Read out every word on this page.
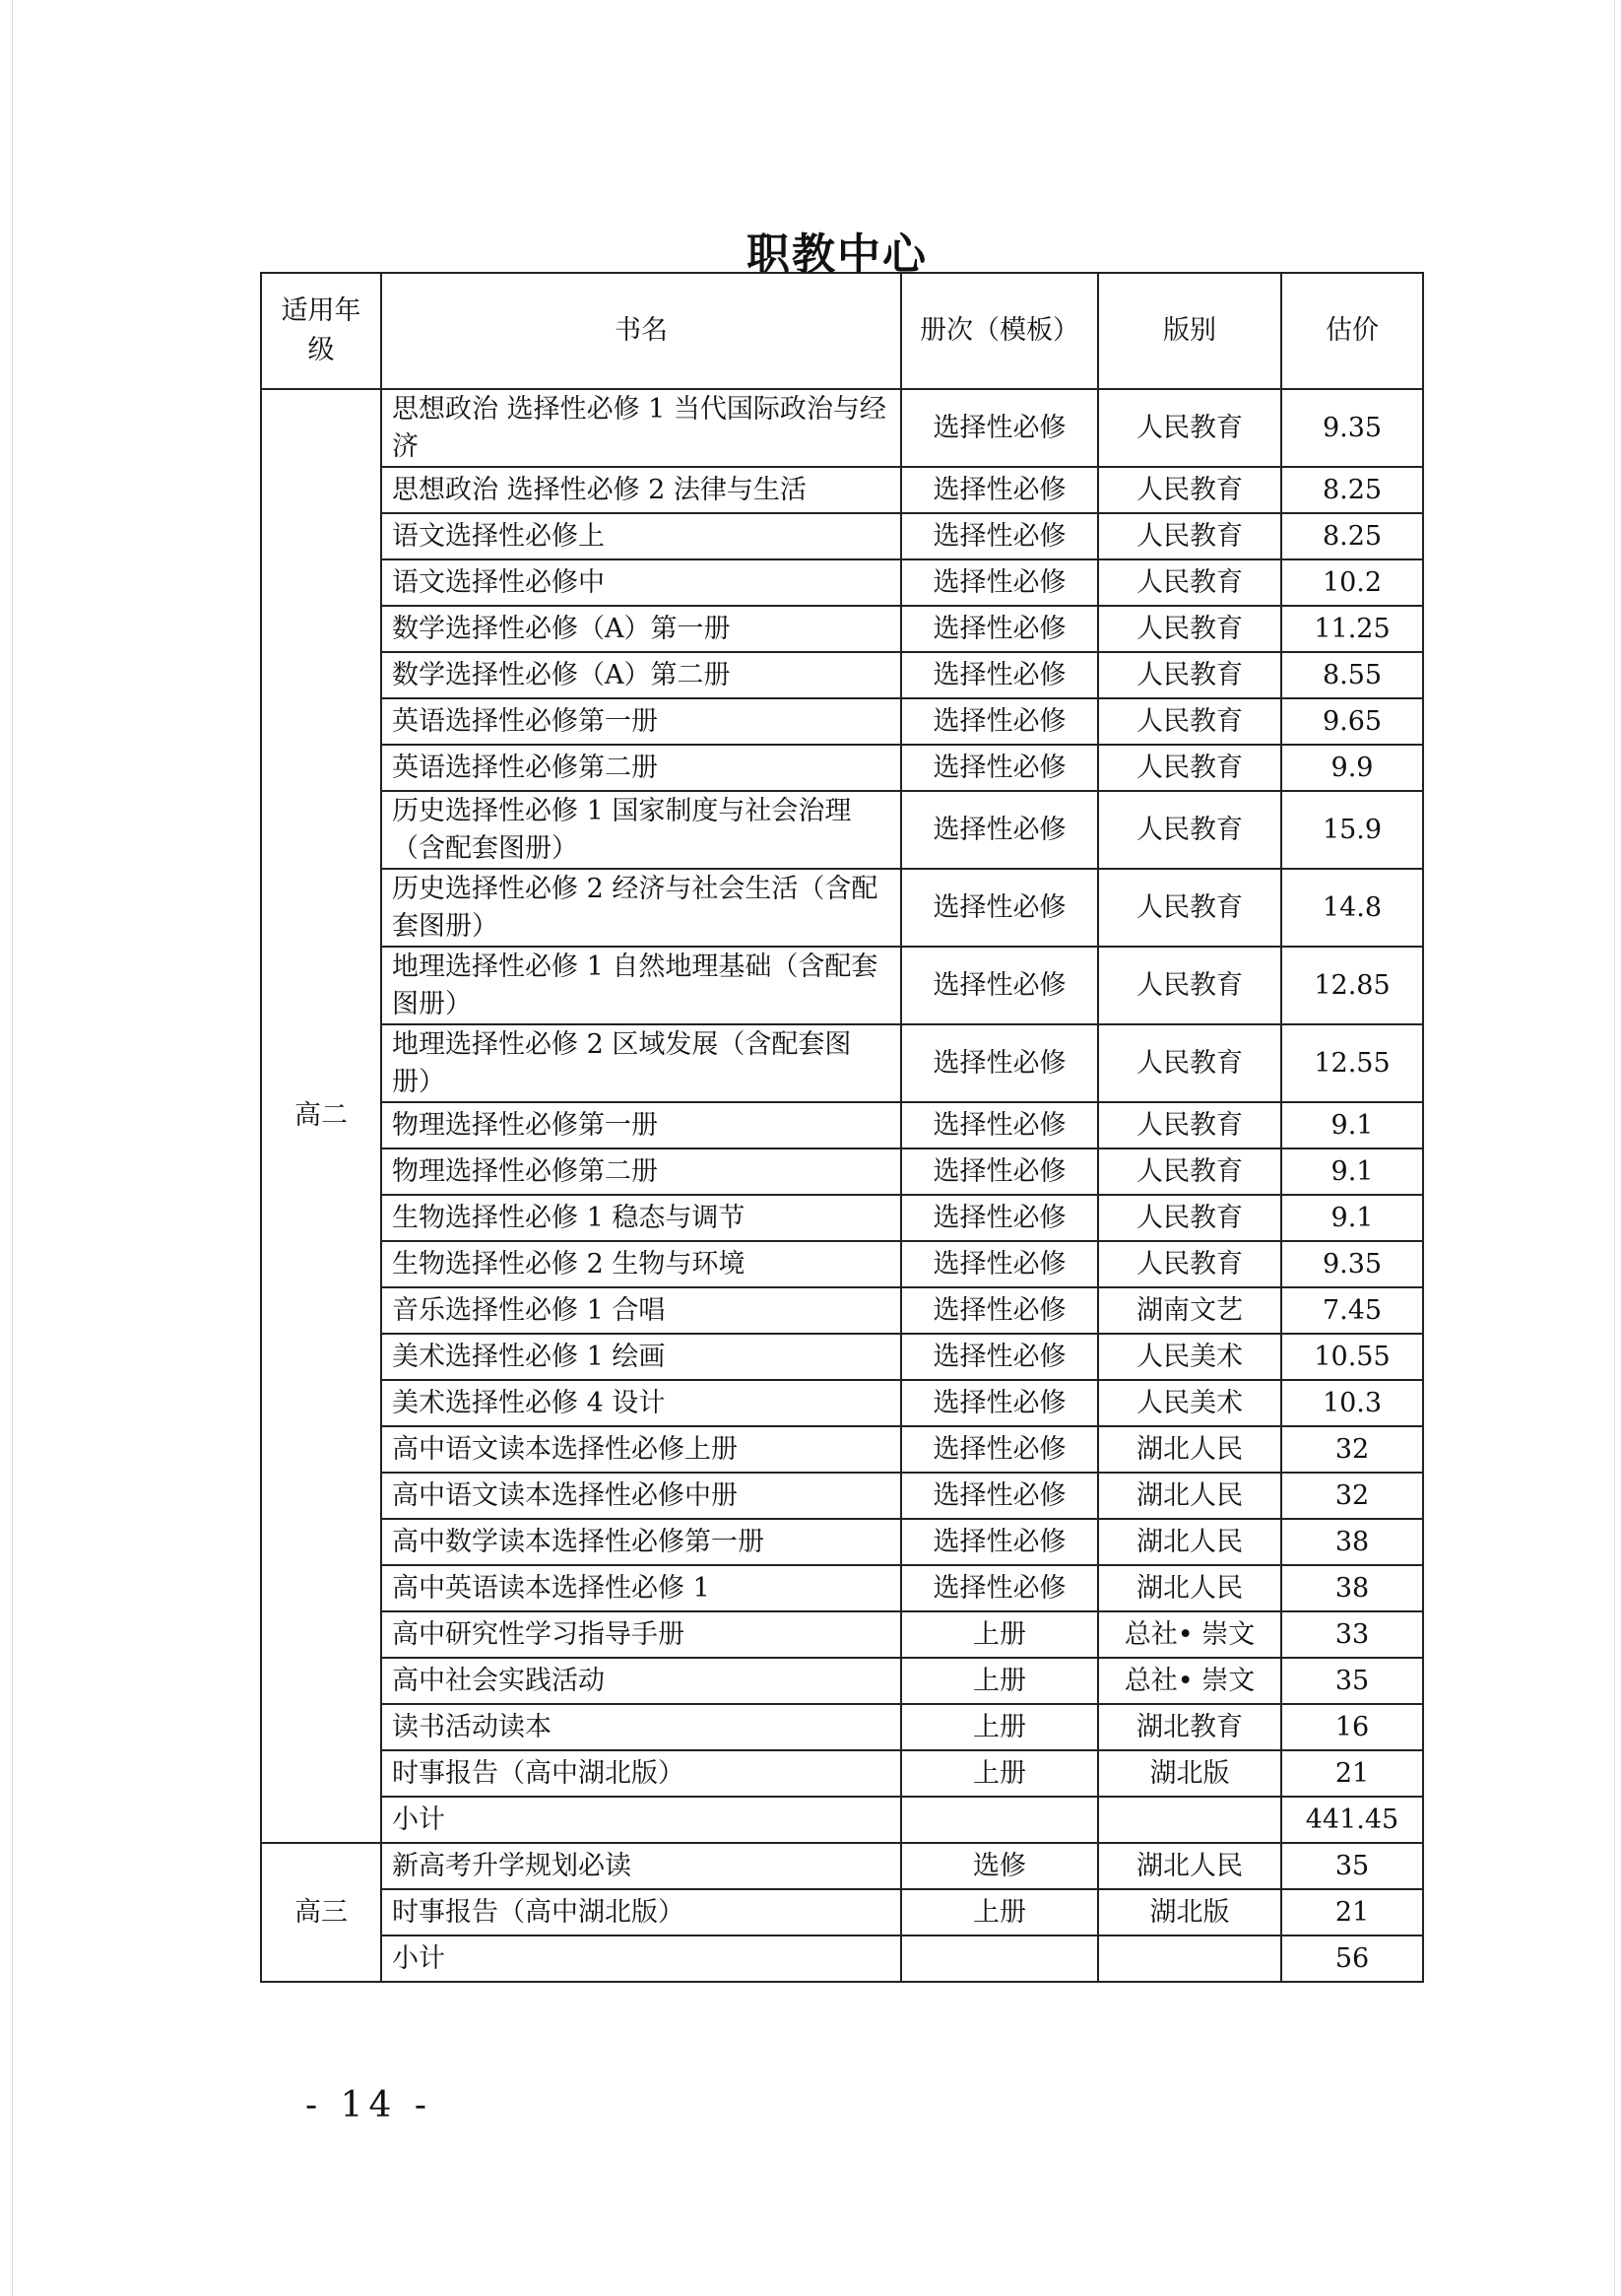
职教中心
适用年级	书名	册次（模板）	版别	估价
高二	思想政治 选择性必修 1 当代国际政治与经济	选择性必修	人民教育	9.35
	思想政治 选择性必修 2 法律与生活	选择性必修	人民教育	8.25
	语文选择性必修上	选择性必修	人民教育	8.25
	语文选择性必修中	选择性必修	人民教育	10.2
	数学选择性必修（A）第一册	选择性必修	人民教育	11.25
	数学选择性必修（A）第二册	选择性必修	人民教育	8.55
	英语选择性必修第一册	选择性必修	人民教育	9.65
	英语选择性必修第二册	选择性必修	人民教育	9.9
	历史选择性必修 1 国家制度与社会治理（含配套图册）	选择性必修	人民教育	15.9
	历史选择性必修 2 经济与社会生活（含配套图册）	选择性必修	人民教育	14.8
	地理选择性必修 1 自然地理基础（含配套图册）	选择性必修	人民教育	12.85
	地理选择性必修 2 区域发展（含配套图册）	选择性必修	人民教育	12.55
	物理选择性必修第一册	选择性必修	人民教育	9.1
	物理选择性必修第二册	选择性必修	人民教育	9.1
	生物选择性必修 1 稳态与调节	选择性必修	人民教育	9.1
	生物选择性必修 2 生物与环境	选择性必修	人民教育	9.35
	音乐选择性必修 1 合唱	选择性必修	湖南文艺	7.45
	美术选择性必修 1 绘画	选择性必修	人民美术	10.55
	美术选择性必修 4 设计	选择性必修	人民美术	10.3
	高中语文读本选择性必修上册	选择性必修	湖北人民	32
	高中语文读本选择性必修中册	选择性必修	湖北人民	32
	高中数学读本选择性必修第一册	选择性必修	湖北人民	38
	高中英语读本选择性必修 1	选择性必修	湖北人民	38
	高中研究性学习指导手册	上册	总社• 崇文	33
	高中社会实践活动	上册	总社• 崇文	35
	读书活动读本	上册	湖北教育	16
	时事报告（高中湖北版）	上册	湖北版	21
	小计			441.45
高三	新高考升学规划必读	选修	湖北人民	35
	时事报告（高中湖北版）	上册	湖北版	21
	小计			56
- 14 -
